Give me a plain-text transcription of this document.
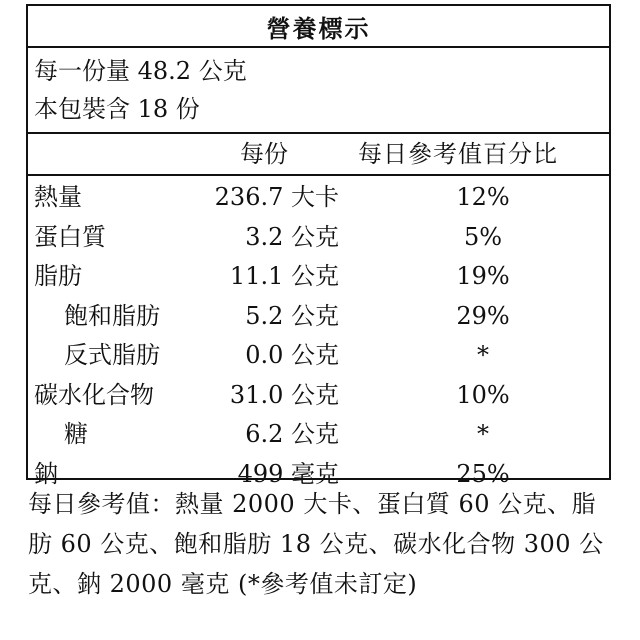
營養標示
每一份量 48.2 公克
本包裝含 18 份
每份	每日參考值百分比
熱量	236.7 大卡	12%
蛋白質	3.2 公克	5%
脂肪	11.1 公克	19%
飽和脂肪	5.2 公克	29%
反式脂肪	0.0 公克	*
碳水化合物	31.0 公克	10%
糖	6.2 公克	*
鈉	499 毫克	25%
每日參考值：熱量 2000 大卡、蛋白質 60 公克、脂肪 60 公克、飽和脂肪 18 公克、碳水化合物 300 公克、鈉 2000 毫克 (*參考值未訂定)
